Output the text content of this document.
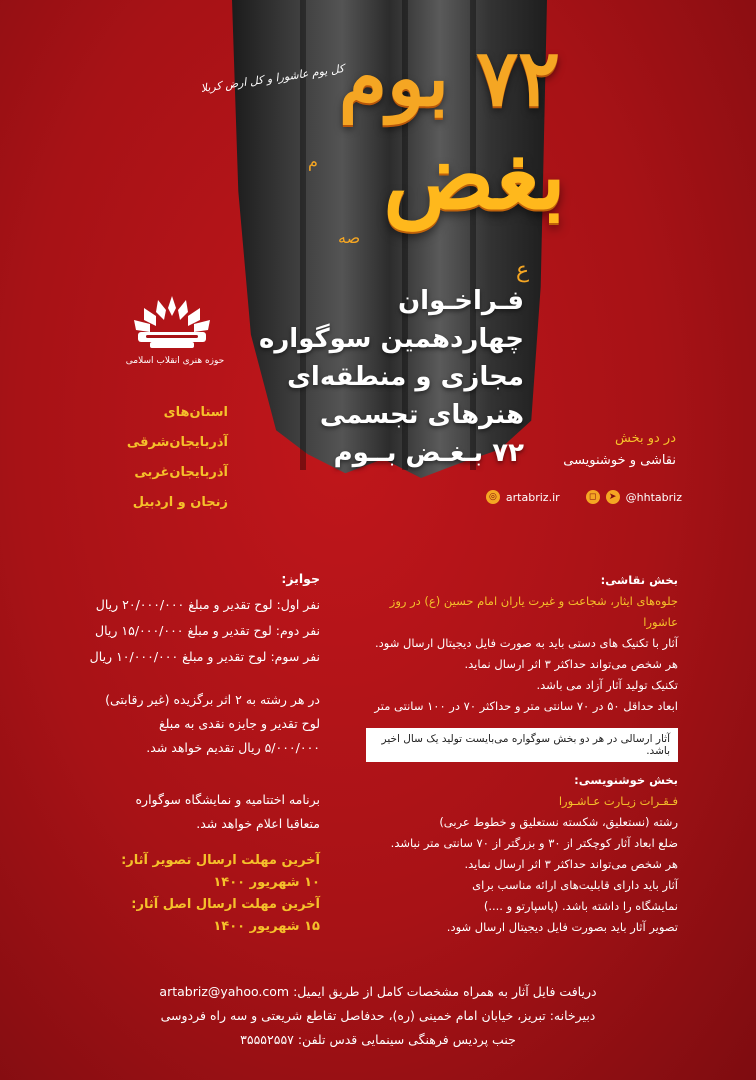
کل یوم عاشورا و کل ارض کربلا
۷۲ بوم
بغض
ع
صه
م
فـراخـوان
چهاردهمین سوگواره
مجازی و منطقه‌ای
هنرهای تجسمی
۷۲ بـغـض بــوم
حوزه هنری انقلاب اسلامی
استان‌های
آذربایجان‌شرقی
آذربایجان‌غربی
زنجان و اردبیل
در دو بخش
نقاشی و خوشنویسی
◎ artabriz.ir	◻	➤ @hhtabriz
جوایز:
نفر اول: لوح تقدیر و مبلغ ۲۰/۰۰۰/۰۰۰ ریال
نفر دوم: لوح تقدیر و مبلغ ۱۵/۰۰۰/۰۰۰ ریال
نفر سوم: لوح تقدیر و مبلغ ۱۰/۰۰۰/۰۰۰ ریال
در هر رشته به ۲ اثر برگزیده (غیر رقابتی)
لوح تقدیر و جایزه نقدی به مبلغ
۵/۰۰۰/۰۰۰ ریال تقدیم خواهد شد.
برنامه اختتامیه و نمایشگاه سوگواره
متعاقبا اعلام خواهد شد.
آخرین مهلت ارسال تصویر آثار:
۱۰ شهریور ۱۴۰۰
آخرین مهلت ارسال اصل آثار:
۱۵ شهریور ۱۴۰۰
بخش نقاشی:
جلوه‌های ایثار، شجاعت و غیرت یاران امام حسین (ع) در روز عاشورا
آثار با تکنیک های دستی باید به صورت فایل دیجیتال ارسال شود.
هر شخص می‌تواند حداکثر ۳ اثر ارسال نماید.
تکنیک تولید آثار آزاد می باشد.
ابعاد حداقل ۵۰ در ۷۰ سانتی متر و حداکثر ۷۰ در ۱۰۰ سانتی متر
آثار ارسالی در هر دو بخش سوگواره می‌بایست تولید یک سال اخیر باشد.
بخش خوشنویسی:
فـقـرات زیـارت عـاشـورا
رشته (نستعلیق، شکسته نستعلیق و خطوط عربی)
ضلع ابعاد آثار کوچکتر از ۳۰ و بزرگتر از ۷۰ سانتی متر نباشد.
هر شخص می‌تواند حداکثر ۳ اثر ارسال نماید.
آثار باید دارای قابلیت‌های ارائه مناسب برای
نمایشگاه را داشته باشد. (پاسپارتو و ....)
تصویر آثار باید بصورت فایل دیجیتال ارسال شود.
دریافت فایل آثار به همراه مشخصات کامل از طریق ایمیل: artabriz@yahoo.com
دبیرخانه: تبریز، خیابان امام خمینی (ره)، حدفاصل تقاطع شریعتی و سه راه فردوسی
جنب پردیس فرهنگی سینمایی قدس تلفن: ۳۵۵۵۲۵۵۷
